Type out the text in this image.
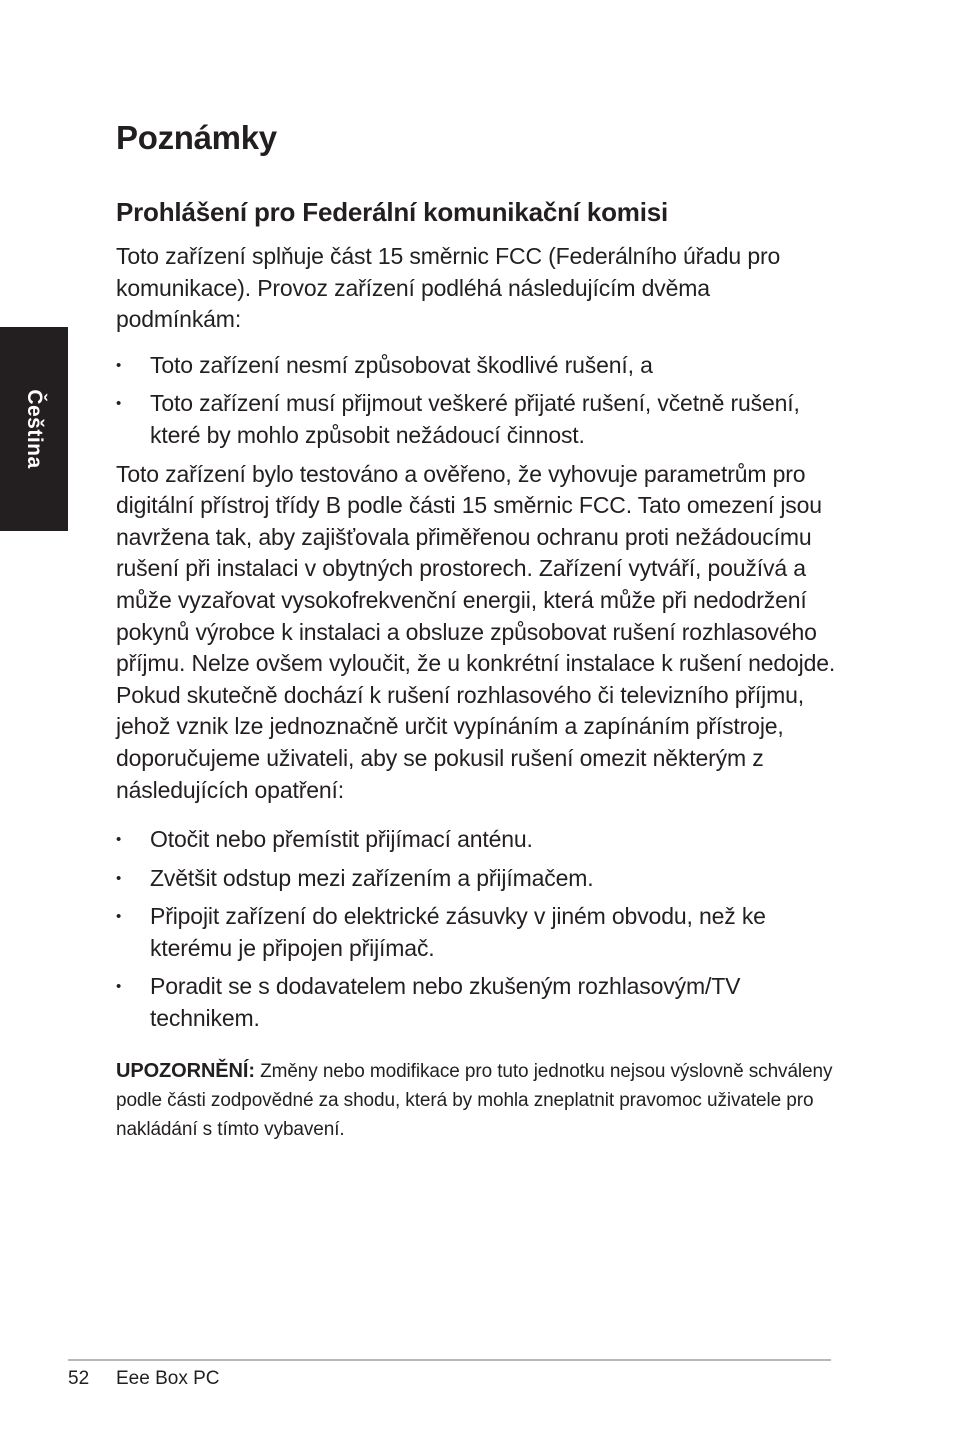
Čeština
Poznámky
Prohlášení pro Federální komunikační komisi

Toto zařízení splňuje část 15 směrnic FCC (Federálního úřadu pro komunikace). Provoz zařízení podléhá následujícím dvěma podmínkám:

• Toto zařízení nesmí způsobovat škodlivé rušení, a
• Toto zařízení musí přijmout veškeré přijaté rušení, včetně rušení, které by mohlo způsobit nežádoucí činnost.

Toto zařízení bylo testováno a ověřeno, že vyhovuje parametrům pro digitální přístroj třídy B podle části 15 směrnic FCC. Tato omezení jsou navržena tak, aby zajišťovala přiměřenou ochranu proti nežádoucímu rušení při instalaci v obytných prostorech. Zařízení vytváří, používá a může vyzařovat vysokofrekvenční energii, která může při nedodržení pokynů výrobce k instalaci a obsluze způsobovat rušení rozhlasového příjmu. Nelze ovšem vyloučit, že u konkrétní instalace k rušení nedojde. Pokud skutečně dochází k rušení rozhlasového či televizního příjmu, jehož vznik lze jednoznačně určit vypínáním a zapínáním přístroje, doporučujeme uživateli, aby se pokusil rušení omezit některým z následujících opatření:

• Otočit nebo přemístit přijímací anténu.
• Zvětšit odstup mezi zařízením a přijímačem.
• Připojit zařízení do elektrické zásuvky v jiném obvodu, než ke kterému je připojen přijímač.
• Poradit se s dodavatelem nebo zkušeným rozhlasovým/TV technikem.

UPOZORNĚNÍ: Změny nebo modifikace pro tuto jednotku nejsou výslovně schváleny podle části zodpovědné za shodu, která by mohla zneplatnit pravomoc uživatele pro nakládání s tímto vybavení.

52 Eee Box PC
